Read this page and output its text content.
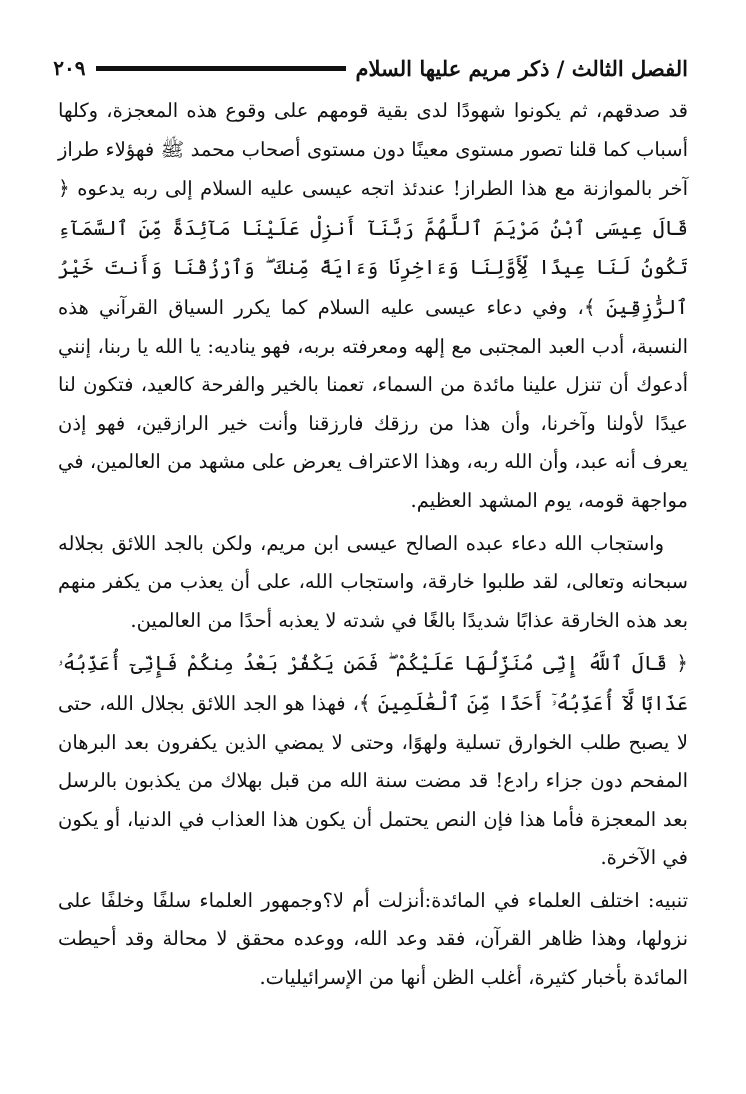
الفصل الثالث / ذكر مريم عليها السلام
٢٠٩

قد صدقهم، ثم يكونوا شهودًا لدى بقية قومهم على وقوع هذه المعجزة، وكلها أسباب كما قلنا تصور مستوى معينًا دون مستوى أصحاب محمد ﷺ فهؤلاء طراز آخر بالموازنة مع هذا الطراز! عندئذ اتجه عيسى عليه السلام إلى ربه يدعوه ﴿ قَالَ عِيسَى ٱبْنُ مَرْيَمَ ٱللَّهُمَّ رَبَّنَآ أَنزِلْ عَلَيْنَا مَآئِدَةً مِّنَ ٱلسَّمَآءِ تَكُونُ لَنَا عِيدًا لِّأَوَّلِنَا وَءَاخِرِنَا وَءَايَةً مِّنكَ ۖ وَٱرْزُقْنَا وَأَنتَ خَيْرُ ٱلرَّٰزِقِينَ ﴾، وفي دعاء عيسى عليه السلام كما يكرر السياق القرآني هذه النسبة، أدب العبد المجتبى مع إلهه ومعرفته بربه، فهو يناديه: يا الله يا ربنا، إنني أدعوك أن تنزل علينا مائدة من السماء، تعمنا بالخير والفرحة كالعيد، فتكون لنا عيدًا لأولنا وآخرنا، وأن هذا من رزقك فارزقنا وأنت خير الرازقين، فهو إذن يعرف أنه عبد، وأن الله ربه، وهذا الاعتراف يعرض على مشهد من العالمين، في مواجهة قومه، يوم المشهد العظيم.

واستجاب الله دعاء عبده الصالح عيسى ابن مريم، ولكن بالجد اللائق بجلاله سبحانه وتعالى، لقد طلبوا خارقة، واستجاب الله، على أن يعذب من يكفر منهم بعد هذه الخارقة عذابًا شديدًا بالغًا في شدته لا يعذبه أحدًا من العالمين.

﴿ قَالَ ٱللَّهُ إِنِّى مُنَزِّلُهَا عَلَيْكُمْ ۖ فَمَن يَكْفُرْ بَعْدُ مِنكُمْ فَإِنِّىٓ أُعَذِّبُهُۥ عَذَابًا لَّآ أُعَذِّبُهُۥٓ أَحَدًا مِّنَ ٱلْعَٰلَمِينَ ﴾، فهذا هو الجد اللائق بجلال الله، حتى لا يصبح طلب الخوارق تسلية ولهوًا، وحتى لا يمضي الذين يكفرون بعد البرهان المفحم دون جزاء رادع! قد مضت سنة الله من قبل بهلاك من يكذبون بالرسل بعد المعجزة فأما هذا فإن النص يحتمل أن يكون هذا العذاب في الدنيا، أو يكون في الآخرة.

تنبيه: اختلف العلماء في المائدة:أنزلت أم لا؟وجمهور العلماء سلفًا وخلفًا على نزولها، وهذا ظاهر القرآن، فقد وعد الله، ووعده محقق لا محالة وقد أحيطت المائدة بأخبار كثيرة، أغلب الظن أنها من الإسرائيليات.
